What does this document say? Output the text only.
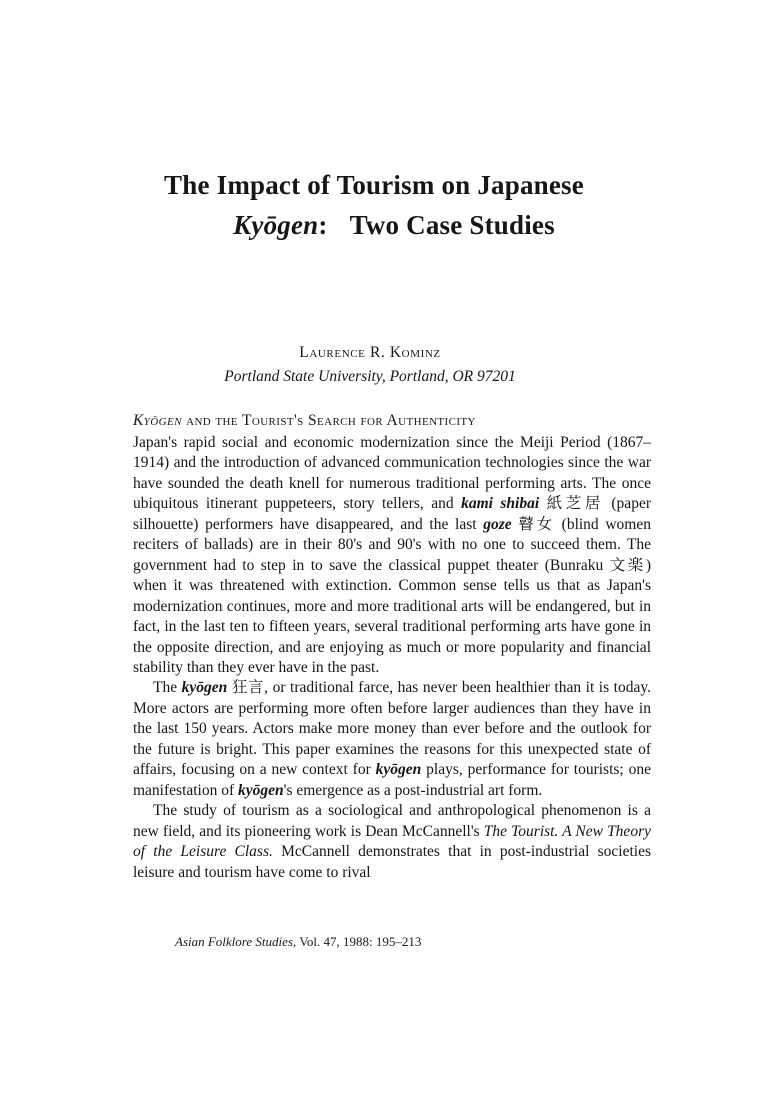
The Impact of Tourism on Japanese
Kyōgen: Two Case Studies
Laurence R. Kominz
Portland State University, Portland, OR 97201
Kyōgen and the Tourist's Search for Authenticity

Japan's rapid social and economic modernization since the Meiji Period (1867–1914) and the introduction of advanced communication technologies since the war have sounded the death knell for numerous traditional performing arts. The once ubiquitous itinerant puppeteers, story tellers, and kami shibai 紙芝居 (paper silhouette) performers have disappeared, and the last goze 瞽女 (blind women reciters of ballads) are in their 80's and 90's with no one to succeed them. The government had to step in to save the classical puppet theater (Bunraku 文楽) when it was threatened with extinction. Common sense tells us that as Japan's modernization continues, more and more traditional arts will be endangered, but in fact, in the last ten to fifteen years, several traditional performing arts have gone in the opposite direction, and are enjoying as much or more popularity and financial stability than they ever have in the past.

The kyōgen 狂言, or traditional farce, has never been healthier than it is today. More actors are performing more often before larger audiences than they have in the last 150 years. Actors make more money than ever before and the outlook for the future is bright. This paper examines the reasons for this unexpected state of affairs, focusing on a new context for kyōgen plays, performance for tourists; one manifestation of kyōgen's emergence as a post-industrial art form.

The study of tourism as a sociological and anthropological phenomenon is a new field, and its pioneering work is Dean McCannell's The Tourist. A New Theory of the Leisure Class. McCannell demonstrates that in post-industrial societies leisure and tourism have come to rival

Asian Folklore Studies, Vol. 47, 1988: 195–213
